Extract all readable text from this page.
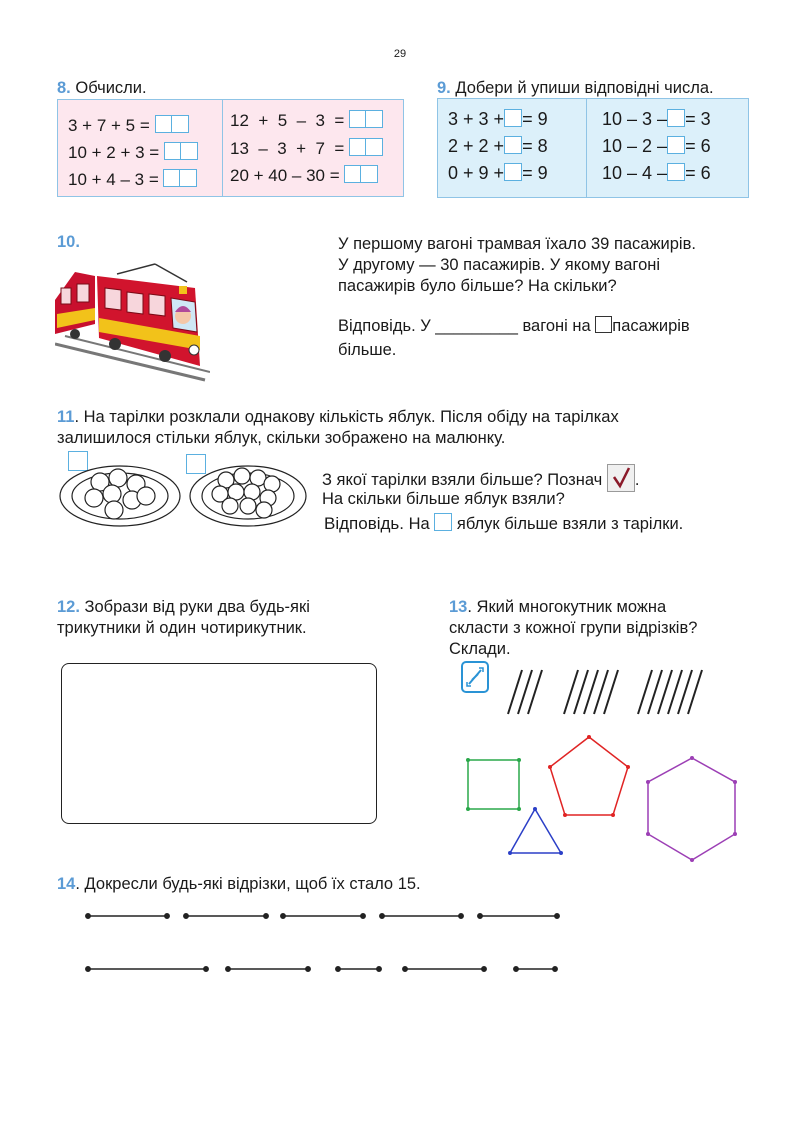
29
8. Обчисли.
3 + 7 + 5 =
10 + 2 + 3 =
10 + 4 – 3 =
12  +  5  –  3  =
13  –  3  +  7  =
20 + 40 – 30 =
9. Добери й упиши відповідні числа.
3 + 3 + = 9
2 + 2 + = 8
0 + 9 + = 9
10 – 3 – = 3
10 – 2 – = 6
10 – 4 – = 6
10.	У першому вагоні трамвая їхало 39 пасажирів.
У другому — 30 пасажирів. У якому вагоні
пасажирів було більше? На скільки?
Відповідь. У _________ вагоні на пасажирів
більше.
11. На тарілки розклали однакову кількість яблук. Після обіду на тарілках
залишилося стільки яблук, скільки зображено на малюнку.
З якої тарілки взяли більше? Познач .
На скільки більше яблук взяли?
Відповідь. На яблук більше взяли з тарілки.
12. Зобрази від руки два будь-які
трикутники й один чотирикутник.
13. Який многокутник можна
скласти з кожної групи відрізків?
Склади.
14. Докресли будь-які відрізки, щоб їх стало 15.
